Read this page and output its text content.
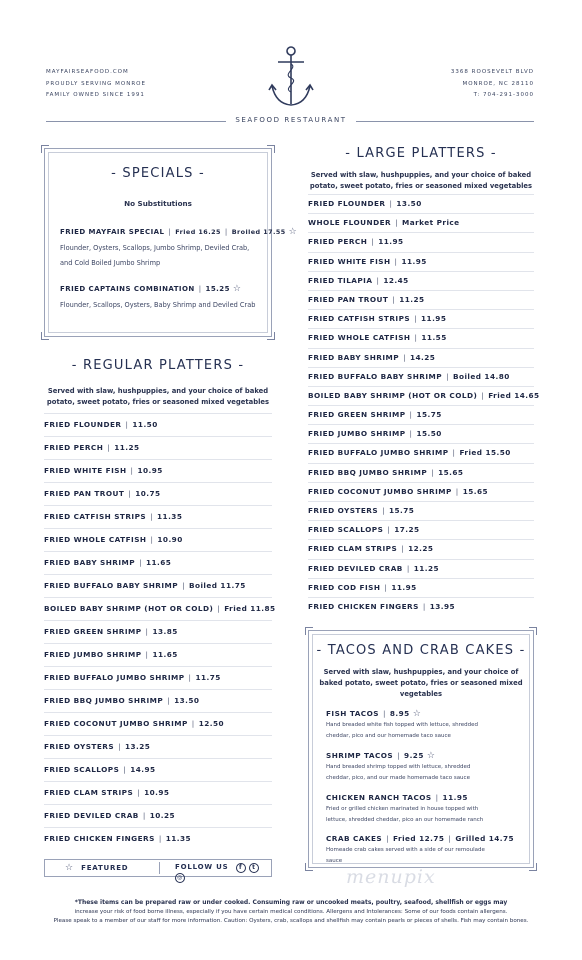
MAYFAIRSEAFOOD.COM
PROUDLY SERVING MONROE
FAMILY OWNED SINCE 1991
3368 ROOSEVELT BLVD
MONROE, NC 28110
T: 704-291-3000
SEAFOOD RESTAURANT
- SPECIALS -
No Substitutions
FRIED MAYFAIR SPECIAL | Fried 16.25 | Broiled 17.55 ☆
Flounder, Oysters, Scallops, Jumbo Shrimp, Deviled Crab, and Cold Boiled Jumbo Shrimp
FRIED CAPTAINS COMBINATION | 15.25 ☆
Flounder, Scallops, Oysters, Baby Shrimp and Deviled Crab
- REGULAR PLATTERS -
Served with slaw, hushpuppies, and your choice of baked potato, sweet potato, fries or seasoned mixed vegetables
FRIED FLOUNDER | 11.50
FRIED PERCH | 11.25
FRIED WHITE FISH | 10.95
FRIED PAN TROUT | 10.75
FRIED CATFISH STRIPS | 11.35
FRIED WHOLE CATFISH | 10.90
FRIED BABY SHRIMP | 11.65
FRIED BUFFALO BABY SHRIMP | Boiled 11.75
BOILED BABY SHRIMP (HOT OR COLD) | Fried 11.85
FRIED GREEN SHRIMP | 13.85
FRIED JUMBO SHRIMP | 11.65
FRIED BUFFALO JUMBO SHRIMP | 11.75
FRIED BBQ JUMBO SHRIMP | 13.50
FRIED COCONUT JUMBO SHRIMP | 12.50
FRIED OYSTERS | 13.25
FRIED SCALLOPS | 14.95
FRIED CLAM STRIPS | 10.95
FRIED DEVILED CRAB | 10.25
FRIED CHICKEN FINGERS | 11.35
☆ FEATURED	FOLLOW US f t ◎
- LARGE PLATTERS -
Served with slaw, hushpuppies, and your choice of baked potato, sweet potato, fries or seasoned mixed vegetables
FRIED FLOUNDER | 13.50
WHOLE FLOUNDER | Market Price
FRIED PERCH | 11.95
FRIED WHITE FISH | 11.95
FRIED TILAPIA | 12.45
FRIED PAN TROUT | 11.25
FRIED CATFISH STRIPS | 11.95
FRIED WHOLE CATFISH | 11.55
FRIED BABY SHRIMP | 14.25
FRIED BUFFALO BABY SHRIMP | Boiled 14.80
BOILED BABY SHRIMP (HOT OR COLD) | Fried 14.65
FRIED GREEN SHRIMP | 15.75
FRIED JUMBO SHRIMP | 15.50
FRIED BUFFALO JUMBO SHRIMP | Fried 15.50
FRIED BBQ JUMBO SHRIMP | 15.65
FRIED COCONUT JUMBO SHRIMP | 15.65
FRIED OYSTERS | 15.75
FRIED SCALLOPS | 17.25
FRIED CLAM STRIPS | 12.25
FRIED DEVILED CRAB | 11.25
FRIED COD FISH | 11.95
FRIED CHICKEN FINGERS | 13.95
- TACOS AND CRAB CAKES -
Served with slaw, hushpuppies, and your choice of
baked potato, sweet potato, fries or seasoned mixed
vegetables
FISH TACOS | 8.95 ☆
Hand breaded white fish topped with lettuce, shredded
cheddar, pico and our homemade taco sauce
SHRIMP TACOS | 9.25 ☆
Hand breaded shrimp topped with lettuce, shredded
cheddar, pico, and our made homemade taco sauce
CHICKEN RANCH TACOS | 11.95
Fried or grilled chicken marinated in house topped with
lettuce, shredded cheddar, pico an our homemade ranch
CRAB CAKES | Fried 12.75 | Grilled 14.75
Homeade crab cakes served with a side of our remoulade
sauce
menupix
*These items can be prepared raw or under cooked. Consuming raw or uncooked meats, poultry, seafood, shellfish or eggs may
increase your risk of food borne illness, especially if you have certain medical conditions. Allergens and Intolerances: Some of our foods contain allergens.
Please speak to a member of our staff for more information. Caution: Oysters, crab, scallops and shellfish may contain pearls or pieces of shells. Fish may contain bones.
